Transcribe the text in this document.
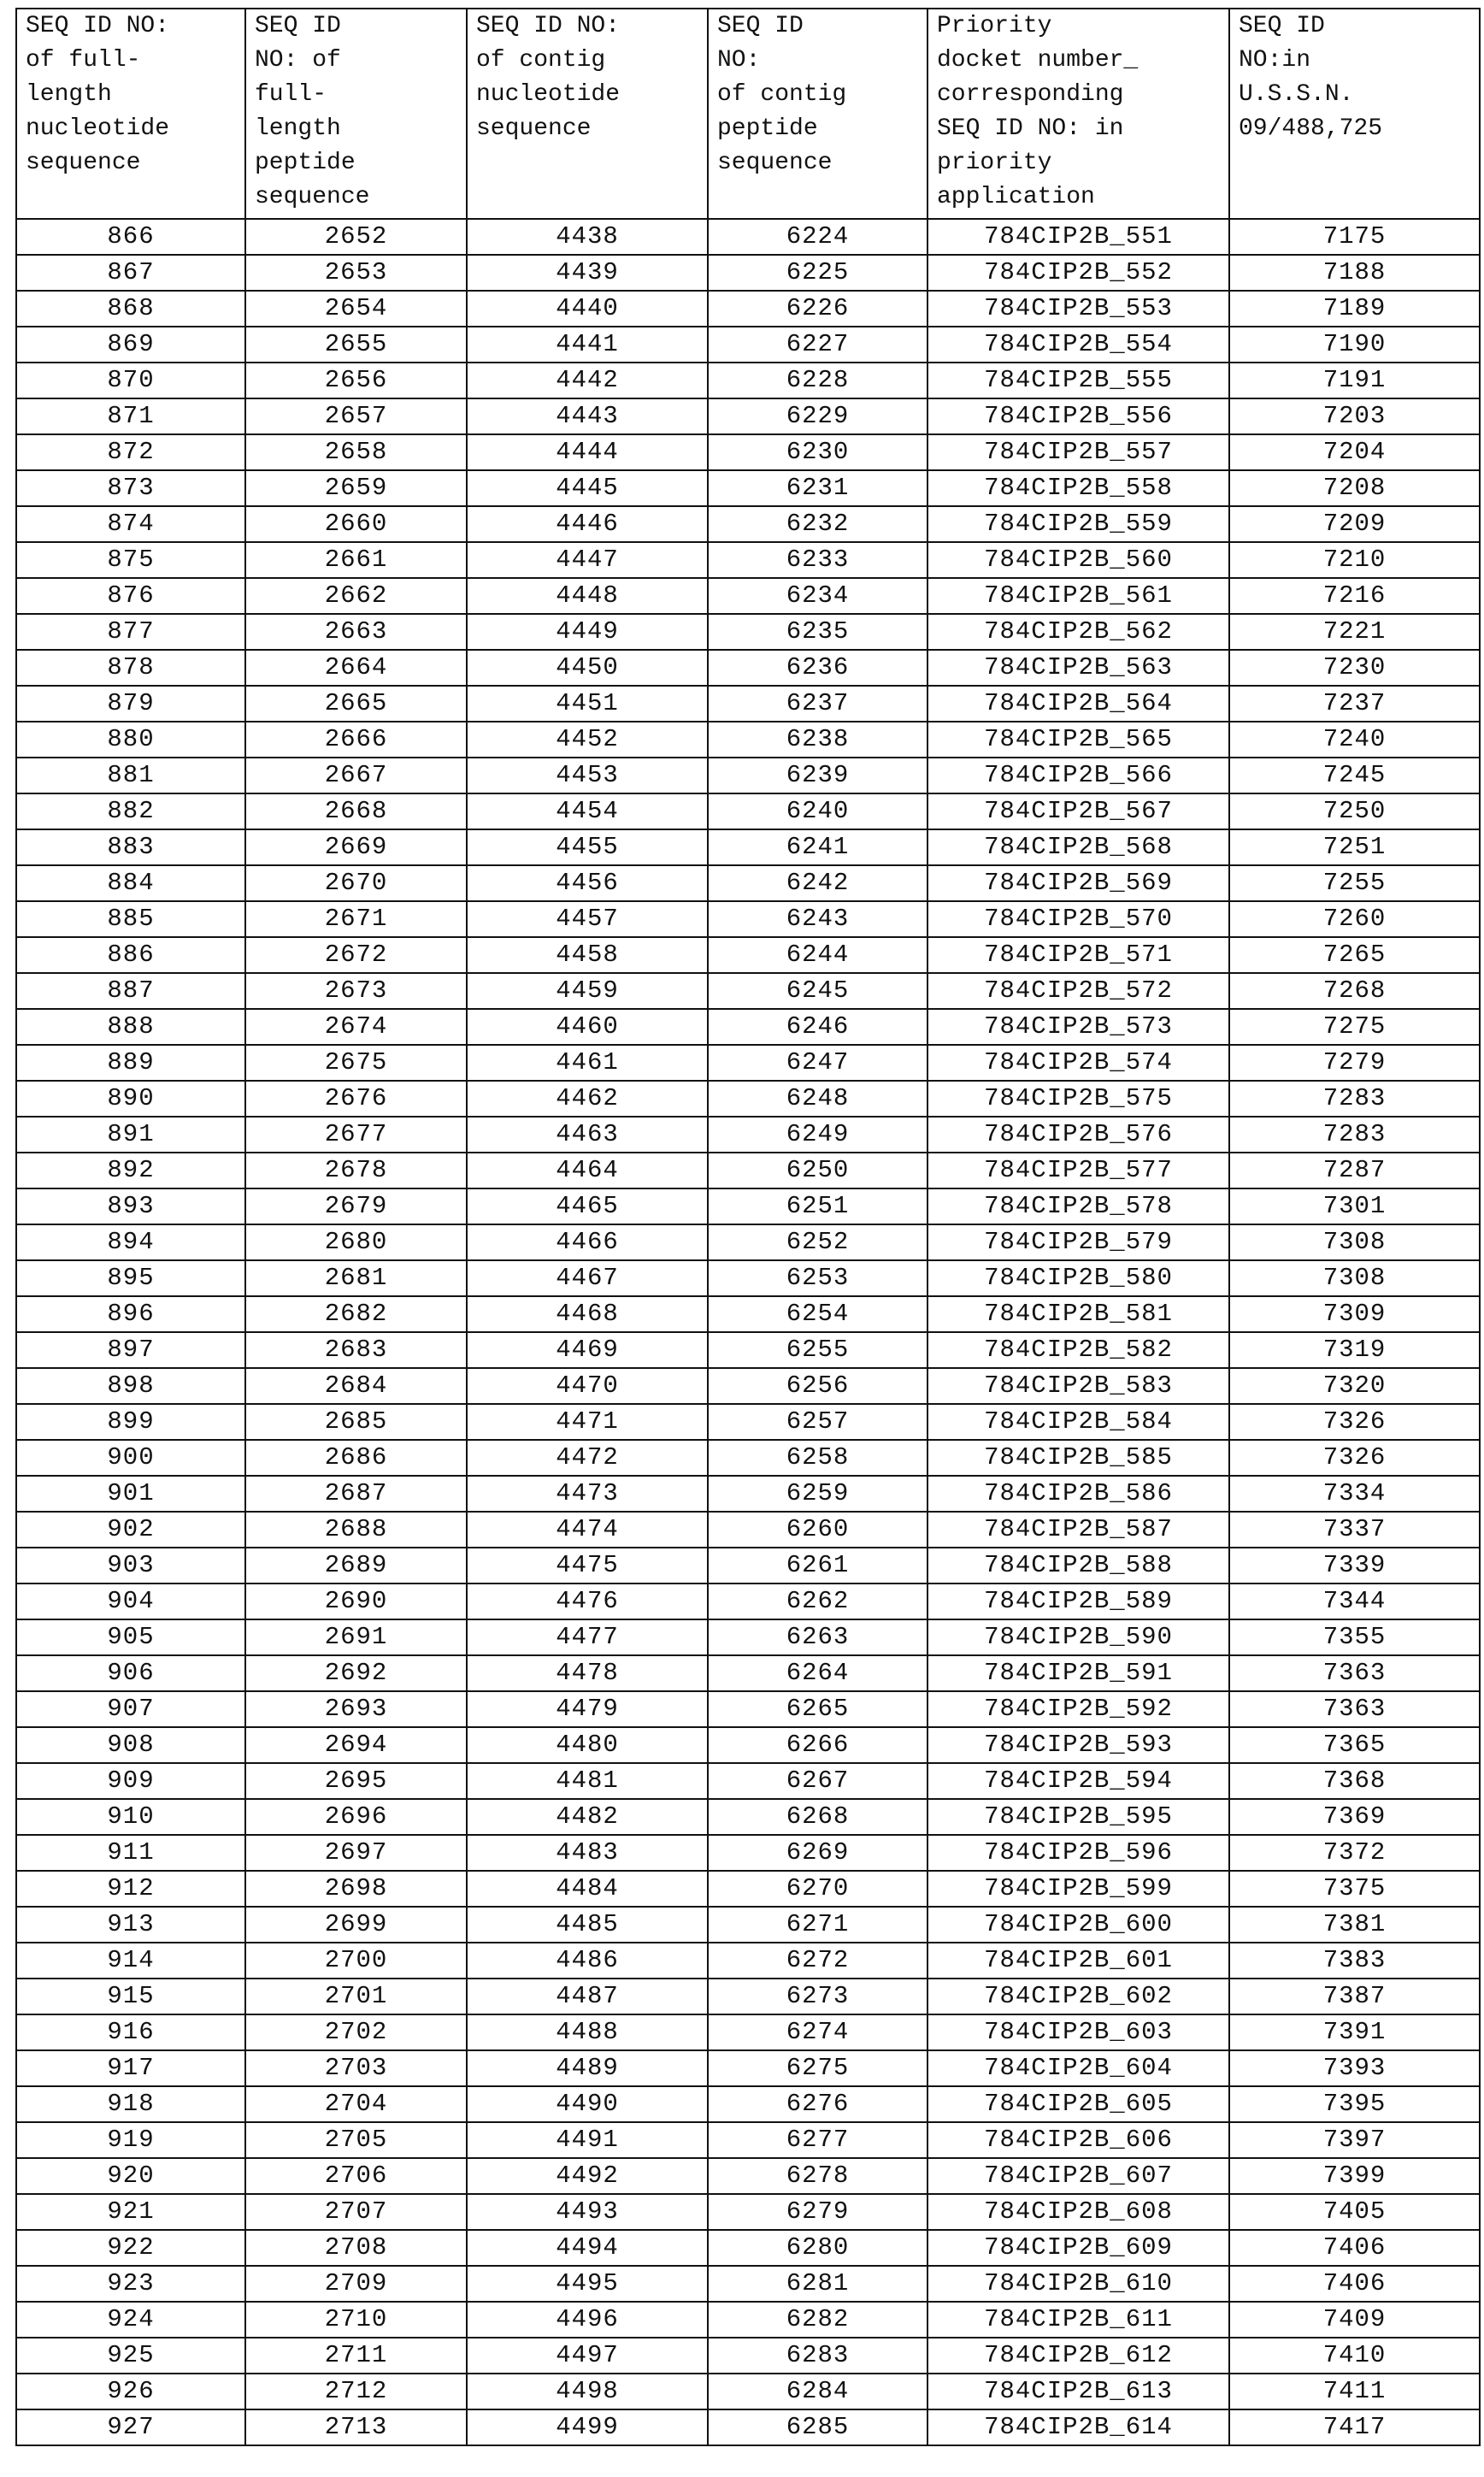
SEQ ID NO:
of full-
length
nucleotide
sequence	SEQ ID
NO: of
full-
length
peptide
sequence	SEQ ID NO:
of contig
nucleotide
sequence	SEQ ID
NO:
of contig
peptide
sequence	Priority
docket number_
corresponding
SEQ ID NO: in
priority
application	SEQ ID
NO:in
U.S.S.N.
09/488,725
866	2652	4438	6224	784CIP2B_551	7175
867	2653	4439	6225	784CIP2B_552	7188
868	2654	4440	6226	784CIP2B_553	7189
869	2655	4441	6227	784CIP2B_554	7190
870	2656	4442	6228	784CIP2B_555	7191
871	2657	4443	6229	784CIP2B_556	7203
872	2658	4444	6230	784CIP2B_557	7204
873	2659	4445	6231	784CIP2B_558	7208
874	2660	4446	6232	784CIP2B_559	7209
875	2661	4447	6233	784CIP2B_560	7210
876	2662	4448	6234	784CIP2B_561	7216
877	2663	4449	6235	784CIP2B_562	7221
878	2664	4450	6236	784CIP2B_563	7230
879	2665	4451	6237	784CIP2B_564	7237
880	2666	4452	6238	784CIP2B_565	7240
881	2667	4453	6239	784CIP2B_566	7245
882	2668	4454	6240	784CIP2B_567	7250
883	2669	4455	6241	784CIP2B_568	7251
884	2670	4456	6242	784CIP2B_569	7255
885	2671	4457	6243	784CIP2B_570	7260
886	2672	4458	6244	784CIP2B_571	7265
887	2673	4459	6245	784CIP2B_572	7268
888	2674	4460	6246	784CIP2B_573	7275
889	2675	4461	6247	784CIP2B_574	7279
890	2676	4462	6248	784CIP2B_575	7283
891	2677	4463	6249	784CIP2B_576	7283
892	2678	4464	6250	784CIP2B_577	7287
893	2679	4465	6251	784CIP2B_578	7301
894	2680	4466	6252	784CIP2B_579	7308
895	2681	4467	6253	784CIP2B_580	7308
896	2682	4468	6254	784CIP2B_581	7309
897	2683	4469	6255	784CIP2B_582	7319
898	2684	4470	6256	784CIP2B_583	7320
899	2685	4471	6257	784CIP2B_584	7326
900	2686	4472	6258	784CIP2B_585	7326
901	2687	4473	6259	784CIP2B_586	7334
902	2688	4474	6260	784CIP2B_587	7337
903	2689	4475	6261	784CIP2B_588	7339
904	2690	4476	6262	784CIP2B_589	7344
905	2691	4477	6263	784CIP2B_590	7355
906	2692	4478	6264	784CIP2B_591	7363
907	2693	4479	6265	784CIP2B_592	7363
908	2694	4480	6266	784CIP2B_593	7365
909	2695	4481	6267	784CIP2B_594	7368
910	2696	4482	6268	784CIP2B_595	7369
911	2697	4483	6269	784CIP2B_596	7372
912	2698	4484	6270	784CIP2B_599	7375
913	2699	4485	6271	784CIP2B_600	7381
914	2700	4486	6272	784CIP2B_601	7383
915	2701	4487	6273	784CIP2B_602	7387
916	2702	4488	6274	784CIP2B_603	7391
917	2703	4489	6275	784CIP2B_604	7393
918	2704	4490	6276	784CIP2B_605	7395
919	2705	4491	6277	784CIP2B_606	7397
920	2706	4492	6278	784CIP2B_607	7399
921	2707	4493	6279	784CIP2B_608	7405
922	2708	4494	6280	784CIP2B_609	7406
923	2709	4495	6281	784CIP2B_610	7406
924	2710	4496	6282	784CIP2B_611	7409
925	2711	4497	6283	784CIP2B_612	7410
926	2712	4498	6284	784CIP2B_613	7411
927	2713	4499	6285	784CIP2B_614	7417
